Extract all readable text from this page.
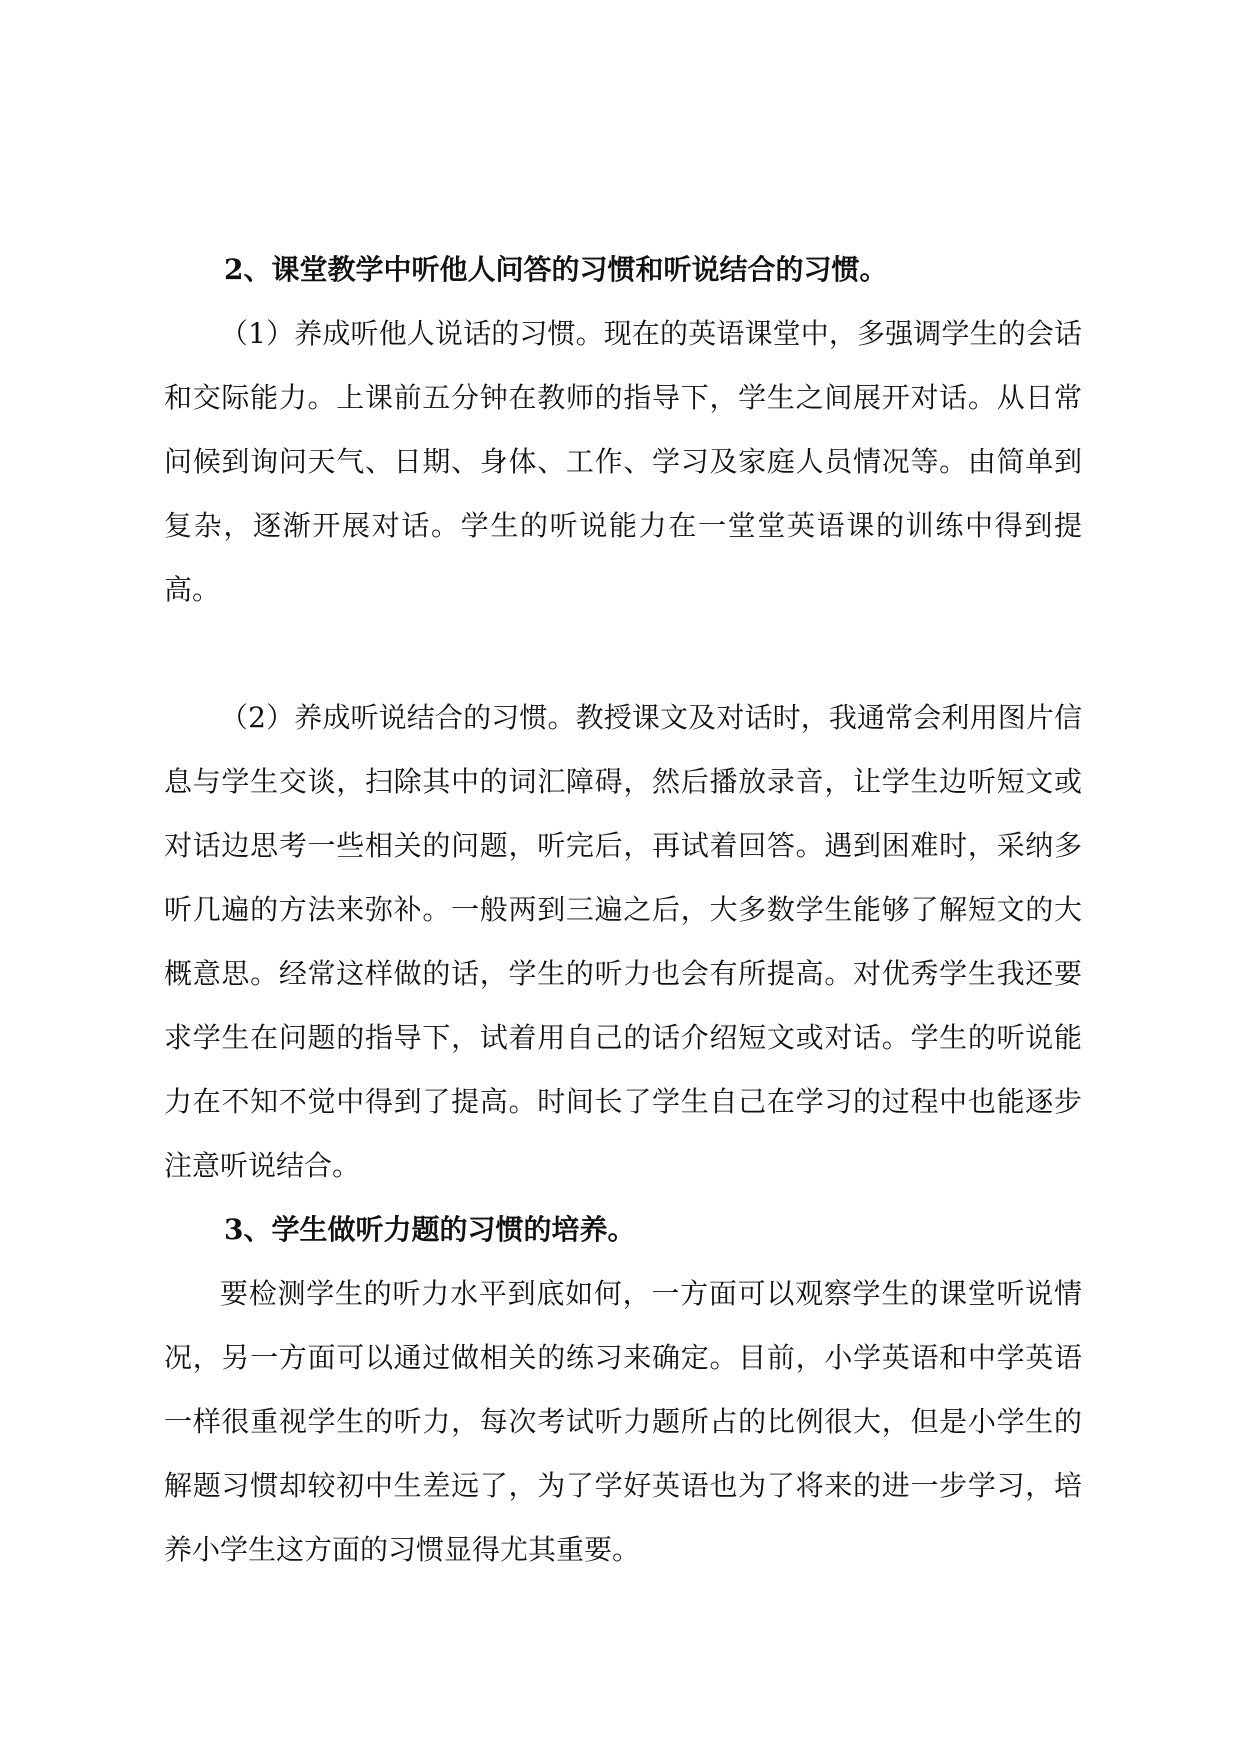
2、课堂教学中听他人问答的习惯和听说结合的习惯。

（1）养成听他人说话的习惯。现在的英语课堂中，多强调学生的会话和交际能力。上课前五分钟在教师的指导下，学生之间展开对话。从日常问候到询问天气、日期、身体、工作、学习及家庭人员情况等。由简单到复杂，逐渐开展对话。学生的听说能力在一堂堂英语课的训练中得到提高。

（2）养成听说结合的习惯。教授课文及对话时，我通常会利用图片信息与学生交谈，扫除其中的词汇障碍，然后播放录音，让学生边听短文或对话边思考一些相关的问题，听完后，再试着回答。遇到困难时，采纳多听几遍的方法来弥补。一般两到三遍之后，大多数学生能够了解短文的大概意思。经常这样做的话，学生的听力也会有所提高。对优秀学生我还要求学生在问题的指导下，试着用自己的话介绍短文或对话。学生的听说能力在不知不觉中得到了提高。时间长了学生自己在学习的过程中也能逐步注意听说结合。

3、学生做听力题的习惯的培养。

要检测学生的听力水平到底如何，一方面可以观察学生的课堂听说情况，另一方面可以通过做相关的练习来确定。目前，小学英语和中学英语一样很重视学生的听力，每次考试听力题所占的比例很大，但是小学生的解题习惯却较初中生差远了，为了学好英语也为了将来的进一步学习，培养小学生这方面的习惯显得尤其重要。
